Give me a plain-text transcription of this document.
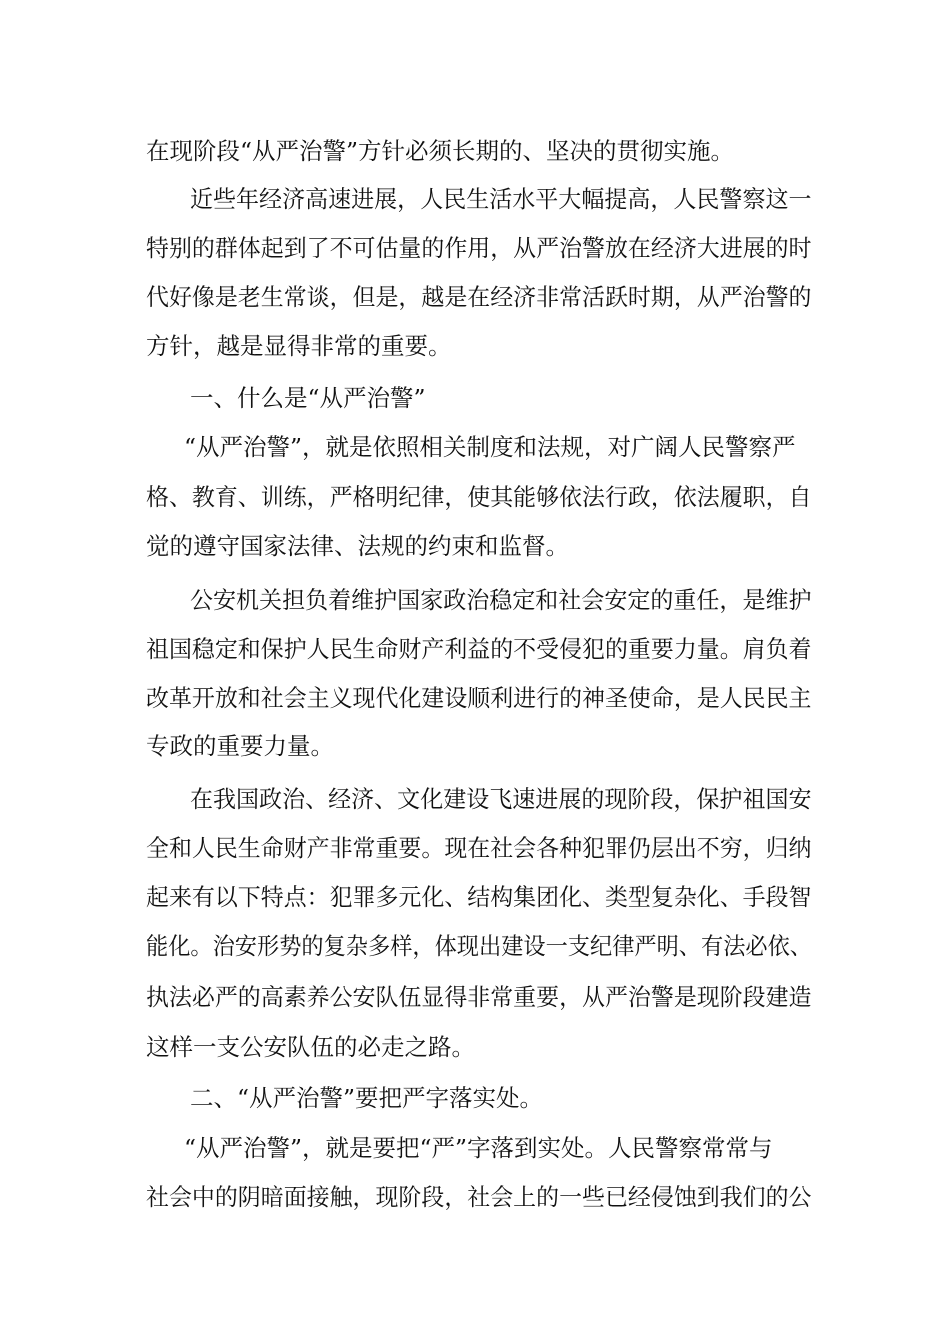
在现阶段“从严治警”方针必须长期的、坚决的贯彻实施。
近些年经济高速进展，人民生活水平大幅提高，人民警察这一
特别的群体起到了不可估量的作用，从严治警放在经济大进展的时
代好像是老生常谈，但是，越是在经济非常活跃时期，从严治警的
方针，越是显得非常的重要。
一、什么是“从严治警”
“从严治警”，就是依照相关制度和法规，对广阔人民警察严
格、教育、训练，严格明纪律，使其能够依法行政，依法履职，自
觉的遵守国家法律、法规的约束和监督。
公安机关担负着维护国家政治稳定和社会安定的重任，是维护
祖国稳定和保护人民生命财产利益的不受侵犯的重要力量。肩负着
改革开放和社会主义现代化建设顺利进行的神圣使命，是人民民主
专政的重要力量。
在我国政治、经济、文化建设飞速进展的现阶段，保护祖国安
全和人民生命财产非常重要。现在社会各种犯罪仍层出不穷，归纳
起来有以下特点：犯罪多元化、结构集团化、类型复杂化、手段智
能化。治安形势的复杂多样，体现出建设一支纪律严明、有法必依、
执法必严的高素养公安队伍显得非常重要，从严治警是现阶段建造
这样一支公安队伍的必走之路。
二、“从严治警”要把严字落实处。
“从严治警”，就是要把“严”字落到实处。人民警察常常与
社会中的阴暗面接触，现阶段，社会上的一些已经侵蚀到我们的公
